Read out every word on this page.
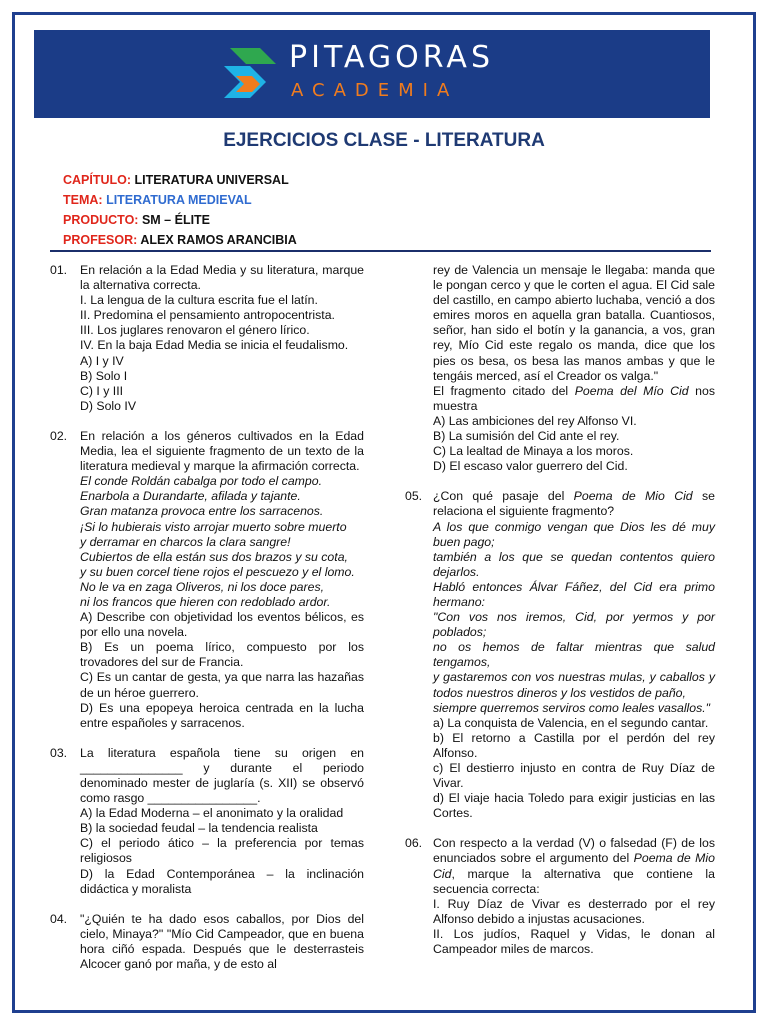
PITAGORAS
ACADEMIA
EJERCICIOS CLASE - LITERATURA
CAPÍTULO: LITERATURA UNIVERSAL
TEMA: LITERATURA MEDIEVAL
PRODUCTO: SM – ÉLITE
PROFESOR: ALEX RAMOS ARANCIBIA
01.	En relación a la Edad Media y su literatura, marque la alternativa correcta.
I. La lengua de la cultura escrita fue el latín.
II. Predomina el pensamiento antropocentrista.
III. Los juglares renovaron el género lírico.
IV. En la baja Edad Media se inicia el feudalismo.
A) I y IV
B) Solo I
C) I y III
D) Solo IV
02.	En relación a los géneros cultivados en la Edad Media, lea el siguiente fragmento de un texto de la literatura medieval y marque la afirmación correcta.
El conde Roldán cabalga por todo el campo.
Enarbola a Durandarte, afilada y tajante.
Gran matanza provoca entre los sarracenos.
¡Si lo hubierais visto arrojar muerto sobre muerto
y derramar en charcos la clara sangre!
Cubiertos de ella están sus dos brazos y su cota,
y su buen corcel tiene rojos el pescuezo y el lomo.
No le va en zaga Oliveros, ni los doce pares,
ni los francos que hieren con redoblado ardor.
A) Describe con objetividad los eventos bélicos, es por ello una novela.
B) Es un poema lírico, compuesto por los trovadores del sur de Francia.
C) Es un cantar de gesta, ya que narra las hazañas de un héroe guerrero.
D) Es una epopeya heroica centrada en la lucha entre españoles y sarracenos.
03.	La literatura española tiene su origen en _______________ y durante el periodo denominado mester de juglaría (s. XII) se observó como rasgo ________________.
A) la Edad Moderna – el anonimato y la oralidad
B) la sociedad feudal – la tendencia realista
C) el periodo ático – la preferencia por temas religiosos
D) la Edad Contemporánea – la inclinación didáctica y moralista
04.	"¿Quién te ha dado esos caballos, por Dios del cielo, Minaya?" "Mío Cid Campeador, que en buena hora ciñó espada. Después que le desterrasteis Alcocer ganó por maña, y de esto al
rey de Valencia un mensaje le llegaba: manda que le pongan cerco y que le corten el agua. El Cid sale del castillo, en campo abierto luchaba, venció a dos emires moros en aquella gran batalla. Cuantiosos, señor, han sido el botín y la ganancia, a vos, gran rey, Mío Cid este regalo os manda, dice que los pies os besa, os besa las manos ambas y que le tengáis merced, así el Creador os valga."
El fragmento citado del Poema del Mío Cid nos muestra
A) Las ambiciones del rey Alfonso VI.
B) La sumisión del Cid ante el rey.
C) La lealtad de Minaya a los moros.
D) El escaso valor guerrero del Cid.
05. ¿Con qué pasaje del Poema de Mio Cid se relaciona el siguiente fragmento?
A los que conmigo vengan que Dios les dé muy buen pago;
también a los que se quedan contentos quiero dejarlos.
Habló entonces Álvar Fáñez, del Cid era primo hermano:
"Con vos nos iremos, Cid, por yermos y por poblados;
no os hemos de faltar mientras que salud tengamos,
y gastaremos con vos nuestras mulas, y caballos y todos nuestros dineros y los vestidos de paño,
siempre querremos serviros como leales vasallos."
a) La conquista de Valencia, en el segundo cantar.
b) El retorno a Castilla por el perdón del rey Alfonso.
c) El destierro injusto en contra de Ruy Díaz de Vivar.
d) El viaje hacia Toledo para exigir justicias en las Cortes.
06. Con respecto a la verdad (V) o falsedad (F) de los enunciados sobre el argumento del Poema de Mio Cid, marque la alternativa que contiene la secuencia correcta:
I. Ruy Díaz de Vivar es desterrado por el rey Alfonso debido a injustas acusaciones.
II. Los judíos, Raquel y Vidas, le donan al Campeador miles de marcos.
